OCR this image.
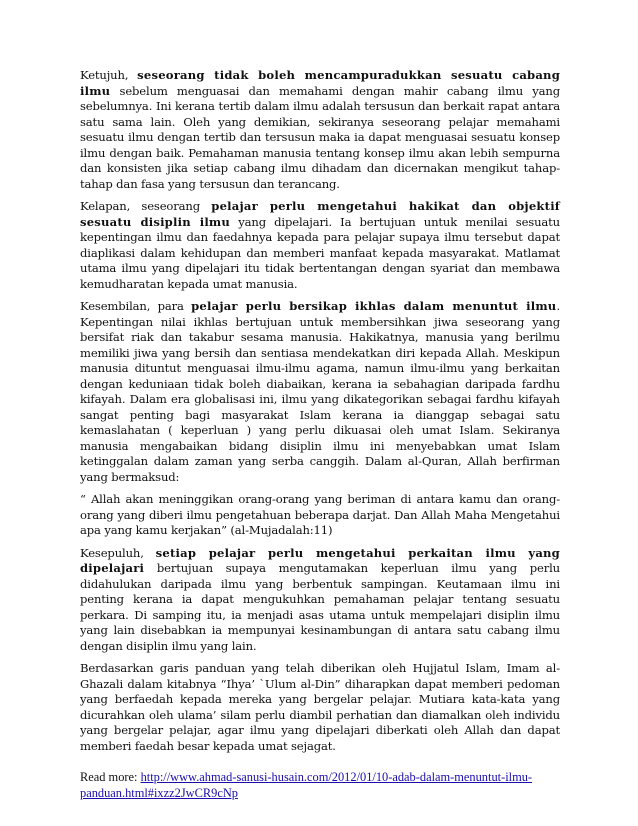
Ketujuh, seseorang tidak boleh mencampuradukkan sesuatu cabang ilmu sebelum menguasai dan memahami dengan mahir cabang ilmu yang sebelumnya. Ini kerana tertib dalam ilmu adalah tersusun dan berkait rapat antara satu sama lain. Oleh yang demikian, sekiranya seseorang pelajar memahami sesuatu ilmu dengan tertib dan tersusun maka ia dapat menguasai sesuatu konsep ilmu dengan baik. Pemahaman manusia tentang konsep ilmu akan lebih sempurna dan konsisten jika setiap cabang ilmu dihadam dan dicernakan mengikut tahap-tahap dan fasa yang tersusun dan terancang.

Kelapan, seseorang pelajar perlu mengetahui hakikat dan objektif sesuatu disiplin ilmu yang dipelajari. Ia bertujuan untuk menilai sesuatu kepentingan ilmu dan faedahnya kepada para pelajar supaya ilmu tersebut dapat diaplikasi dalam kehidupan dan memberi manfaat kepada masyarakat. Matlamat utama ilmu yang dipelajari itu tidak bertentangan dengan syariat dan membawa kemudharatan kepada umat manusia.

Kesembilan, para pelajar perlu bersikap ikhlas dalam menuntut ilmu. Kepentingan nilai ikhlas bertujuan untuk membersihkan jiwa seseorang yang bersifat riak dan takabur sesama manusia. Hakikatnya, manusia yang berilmu memiliki jiwa yang bersih dan sentiasa mendekatkan diri kepada Allah. Meskipun manusia dituntut menguasai ilmu-ilmu agama, namun ilmu-ilmu yang berkaitan dengan keduniaan tidak boleh diabaikan, kerana ia sebahagian daripada fardhu kifayah. Dalam era globalisasi ini, ilmu yang dikategorikan sebagai fardhu kifayah sangat penting bagi masyarakat Islam kerana ia dianggap sebagai satu kemaslahatan ( keperluan ) yang perlu dikuasai oleh umat Islam. Sekiranya manusia mengabaikan bidang disiplin ilmu ini menyebabkan umat Islam ketinggalan dalam zaman yang serba canggih. Dalam al-Quran, Allah berfirman yang bermaksud:

“ Allah akan meninggikan orang-orang yang beriman di antara kamu dan orang-orang yang diberi ilmu pengetahuan beberapa darjat. Dan Allah Maha Mengetahui apa yang kamu kerjakan” (al-Mujadalah:11)

Kesepuluh, setiap pelajar perlu mengetahui perkaitan ilmu yang dipelajari bertujuan supaya mengutamakan keperluan ilmu yang perlu didahulukan daripada ilmu yang berbentuk sampingan. Keutamaan ilmu ini penting kerana ia dapat mengukuhkan pemahaman pelajar tentang sesuatu perkara. Di samping itu, ia menjadi asas utama untuk mempelajari disiplin ilmu yang lain disebabkan ia mempunyai kesinambungan di antara satu cabang ilmu dengan disiplin ilmu yang lain.

Berdasarkan garis panduan yang telah diberikan oleh Hujjatul Islam, Imam al-Ghazali dalam kitabnya “Ihya’ `Ulum al-Din” diharapkan dapat memberi pedoman yang berfaedah kepada mereka yang bergelar pelajar. Mutiara kata-kata yang dicurahkan oleh ulama’ silam perlu diambil perhatian dan diamalkan oleh individu yang bergelar pelajar, agar ilmu yang dipelajari diberkati oleh Allah dan dapat memberi faedah besar kepada umat sejagat.

Read more: http://www.ahmad-sanusi-husain.com/2012/01/10-adab-dalam-menuntut-ilmu-panduan.html#ixzz2JwCR9cNp
